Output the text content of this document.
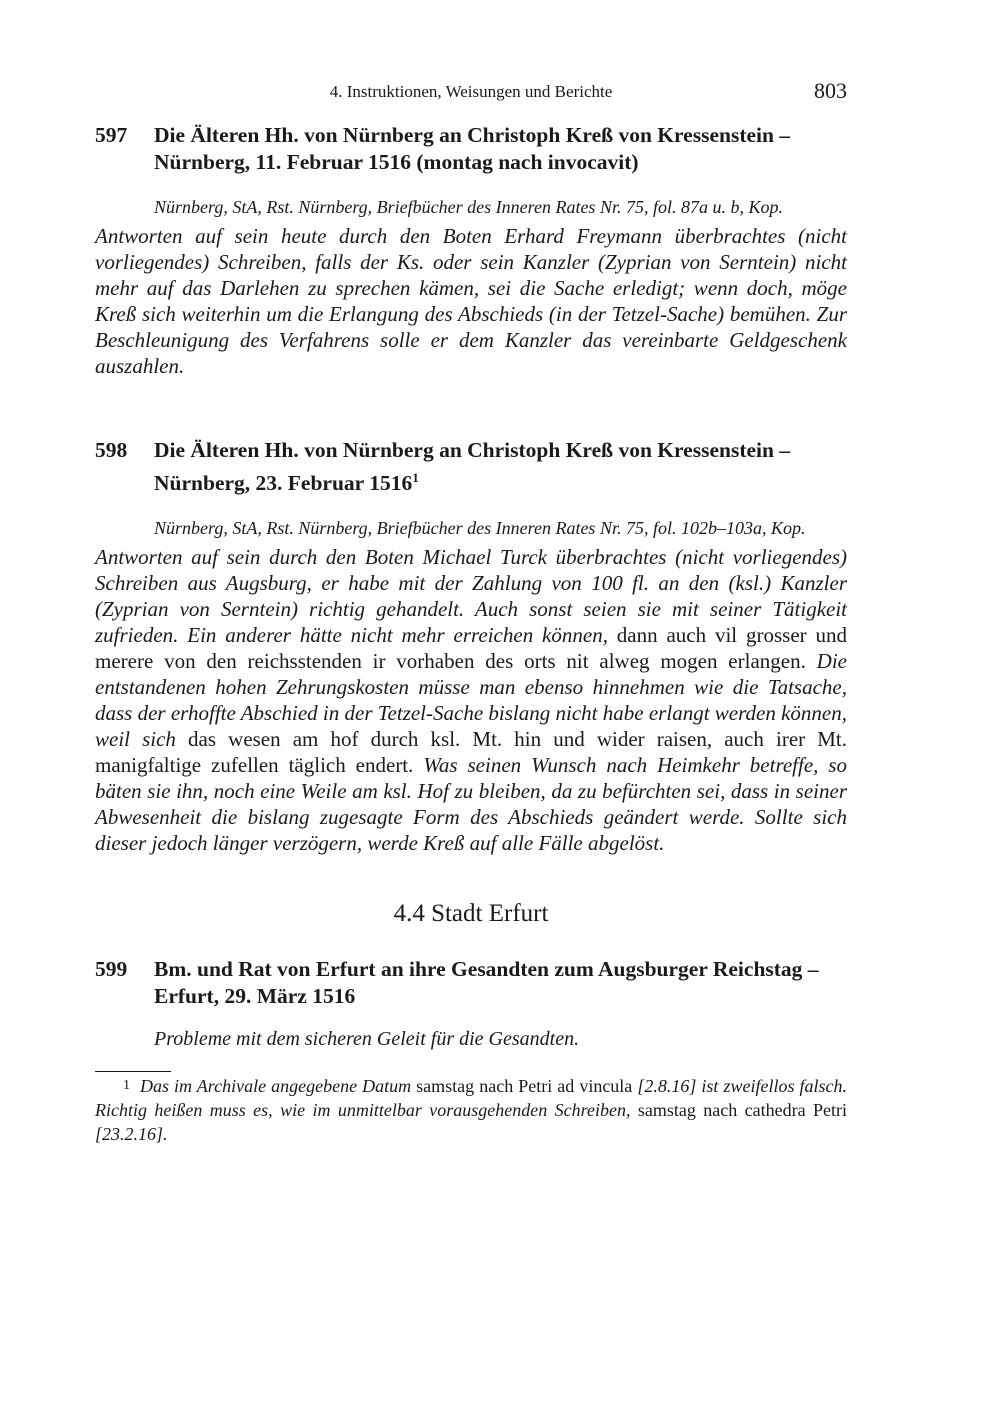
4. Instruktionen, Weisungen und Berichte	803
597	Die Älteren Hh. von Nürnberg an Christoph Kreß von Kressenstein – Nürnberg, 11. Februar 1516 (montag nach invocavit)
Nürnberg, StA, Rst. Nürnberg, Briefbücher des Inneren Rates Nr. 75, fol. 87a u. b, Kop.
Antworten auf sein heute durch den Boten Erhard Freymann überbrachtes (nicht vorliegendes) Schreiben, falls der Ks. oder sein Kanzler (Zyprian von Serntein) nicht mehr auf das Darlehen zu sprechen kämen, sei die Sache erledigt; wenn doch, möge Kreß sich weiterhin um die Erlangung des Abschieds (in der Tetzel-Sache) bemühen. Zur Beschleunigung des Verfahrens solle er dem Kanzler das vereinbarte Geldgeschenk auszahlen.
598	Die Älteren Hh. von Nürnberg an Christoph Kreß von Kressenstein – Nürnberg, 23. Februar 1516$^1$
Nürnberg, StA, Rst. Nürnberg, Briefbücher des Inneren Rates Nr. 75, fol. 102b–103a, Kop.
Antworten auf sein durch den Boten Michael Turck überbrachtes (nicht vorliegendes) Schreiben aus Augsburg, er habe mit der Zahlung von 100 fl. an den (ksl.) Kanzler (Zyprian von Serntein) richtig gehandelt. Auch sonst seien sie mit seiner Tätigkeit zufrieden. Ein anderer hätte nicht mehr erreichen können, dann auch vil grosser und merere von den reichsstenden ir vorhaben des orts nit alweg mogen erlangen. Die entstandenen hohen Zehrungskosten müsse man ebenso hinnehmen wie die Tatsache, dass der erhoffte Abschied in der Tetzel-Sache bislang nicht habe erlangt werden können, weil sich das wesen am hof durch ksl. Mt. hin und wider raisen, auch irer Mt. manigfaltige zufellen täglich endert. Was seinen Wunsch nach Heimkehr betreffe, so bäten sie ihn, noch eine Weile am ksl. Hof zu bleiben, da zu befürchten sei, dass in seiner Abwesenheit die bislang zugesagte Form des Abschieds geändert werde. Sollte sich dieser jedoch länger verzögern, werde Kreß auf alle Fälle abgelöst.
4.4 Stadt Erfurt
599	Bm. und Rat von Erfurt an ihre Gesandten zum Augsburger Reichstag – Erfurt, 29. März 1516
Probleme mit dem sicheren Geleit für die Gesandten.
1 Das im Archivale angegebene Datum samstag nach Petri ad vincula [2.8.16] ist zweifellos falsch. Richtig heißen muss es, wie im unmittelbar vorausgehenden Schreiben, samstag nach cathedra Petri [23.2.16].
